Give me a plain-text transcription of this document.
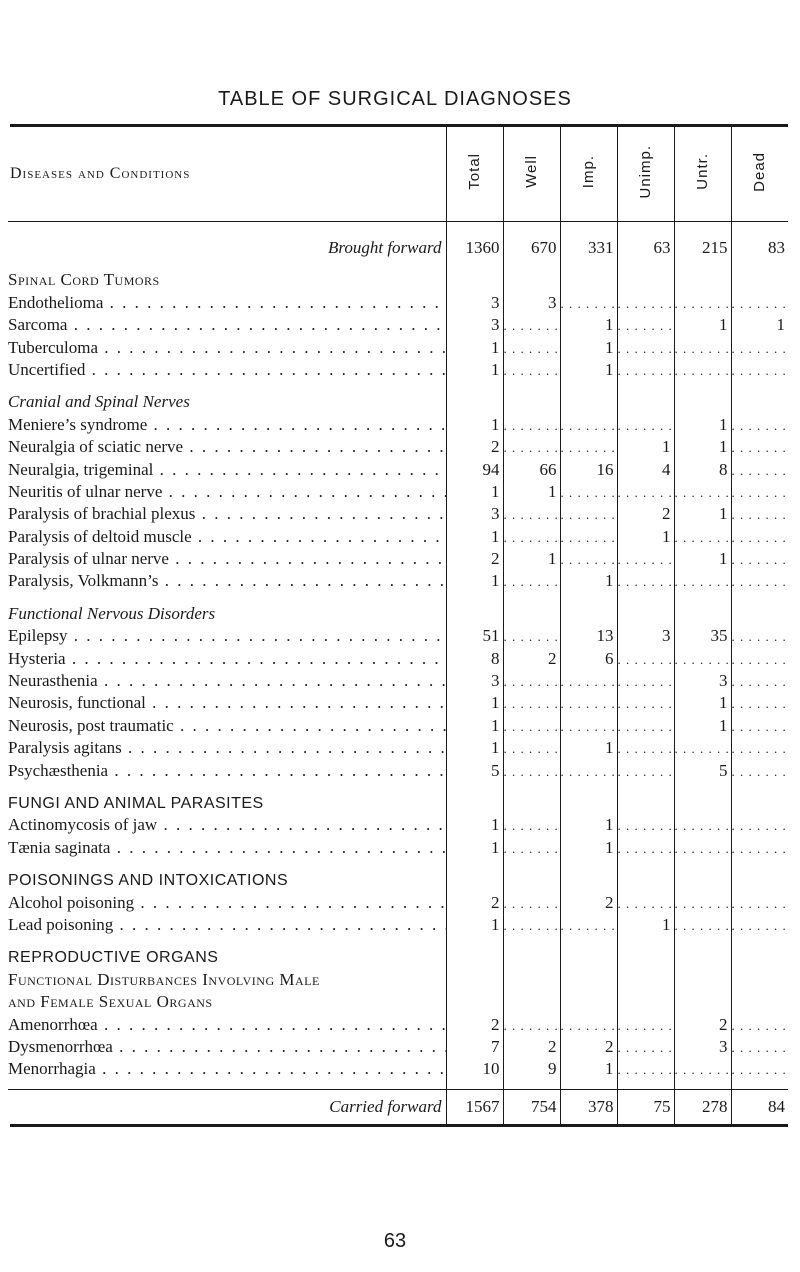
TABLE OF SURGICAL DIAGNOSES
Diseases and Conditions	Total	Well	Imp.	Unimp.	Untr.	Dead
Brought forward	1360	670	331	63	215	83

Spinal Cord Tumors						
Endothelioma . . .	3	3	. . .	. . .	. . .	. . .
Sarcoma . . .	3	. . .	1	. . .	1	1
Tuberculoma . . .	1	. . .	1	. . .	. . .	. . .
Uncertified . . .	1	. . .	1	. . .	. . .	. . .

Cranial and Spinal Nerves						
Meniere’s syndrome . . .	1	. . .	. . .	. . .	1	. . .
Neuralgia of sciatic nerve . . .	2	. . .	. . .	1	1	. . .
Neuralgia, trigeminal . . .	94	66	16	4	8	. . .
Neuritis of ulnar nerve . . .	1	1	. . .	. . .	. . .	. . .
Paralysis of brachial plexus . . .	3	. . .	. . .	2	1	. . .
Paralysis of deltoid muscle . . .	1	. . .	. . .	1	. . .	. . .
Paralysis of ulnar nerve . . .	2	1	. . .	. . .	1	. . .
Paralysis, Volkmann’s . . .	1	. . .	1	. . .	. . .	. . .

Functional Nervous Disorders						
Epilepsy . . .	51	. . .	13	3	35	. . .
Hysteria . . .	8	2	6	. . .	. . .	. . .
Neurasthenia . . .	3	. . .	. . .	. . .	3	. . .
Neurosis, functional . . .	1	. . .	. . .	. . .	1	. . .
Neurosis, post traumatic . . .	1	. . .	. . .	. . .	1	. . .
Paralysis agitans . . .	1	. . .	1	. . .	. . .	. . .
Psychæsthenia . . .	5	. . .	. . .	. . .	5	. . .

FUNGI AND ANIMAL PARASITES						
Actinomycosis of jaw . . .	1	. . .	1	. . .	. . .	. . .
Tænia saginata . . .	1	. . .	1	. . .	. . .	. . .

POISONINGS AND INTOXICATIONS						
Alcohol poisoning . . .	2	. . .	2	. . .	. . .	. . .
Lead poisoning . . .	1	. . .	. . .	1	. . .	. . .

REPRODUCTIVE ORGANS						
Functional Disturbances Involving Male						
and Female Sexual Organs						
Amenorrhœa . . .	2	. . .	. . .	. . .	2	. . .
Dysmenorrhœa . . .	7	2	2	. . .	3	. . .
Menorrhagia . . .	10	9	1	. . .	. . .	. . .

Carried forward	1567	754	378	75	278	84
63
